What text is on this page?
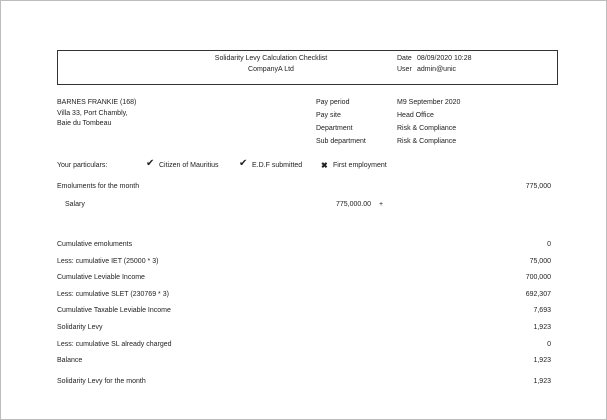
Solidarity Levy Calculation Checklist
CompanyA Ltd
Date 08/09/2020 10:28
User admin@unic
BARNES FRANKIE (168)
Villa 33, Port Chambly,
Baie du Tombeau
Pay period	M9 September 2020
Pay site	Head Office
Department	Risk & Compliance
Sub department	Risk & Compliance
Your particulars:	✔ Citizen of Mauritius ✔ E.D.F submitted ✖ First employment
Emoluments for the month	775,000
Salary	775,000.00 +
Cumulative emoluments	0
Less: cumulative IET (25000 * 3)	75,000
Cumulative Leviable Income	700,000
Less: cumulative SLET (230769 * 3)	692,307
Cumulative Taxable Leviable Income	7,693
Solidarity Levy	1,923
Less: cumulative SL already charged	0
Balance	1,923
Solidarity Levy for the month	1,923
